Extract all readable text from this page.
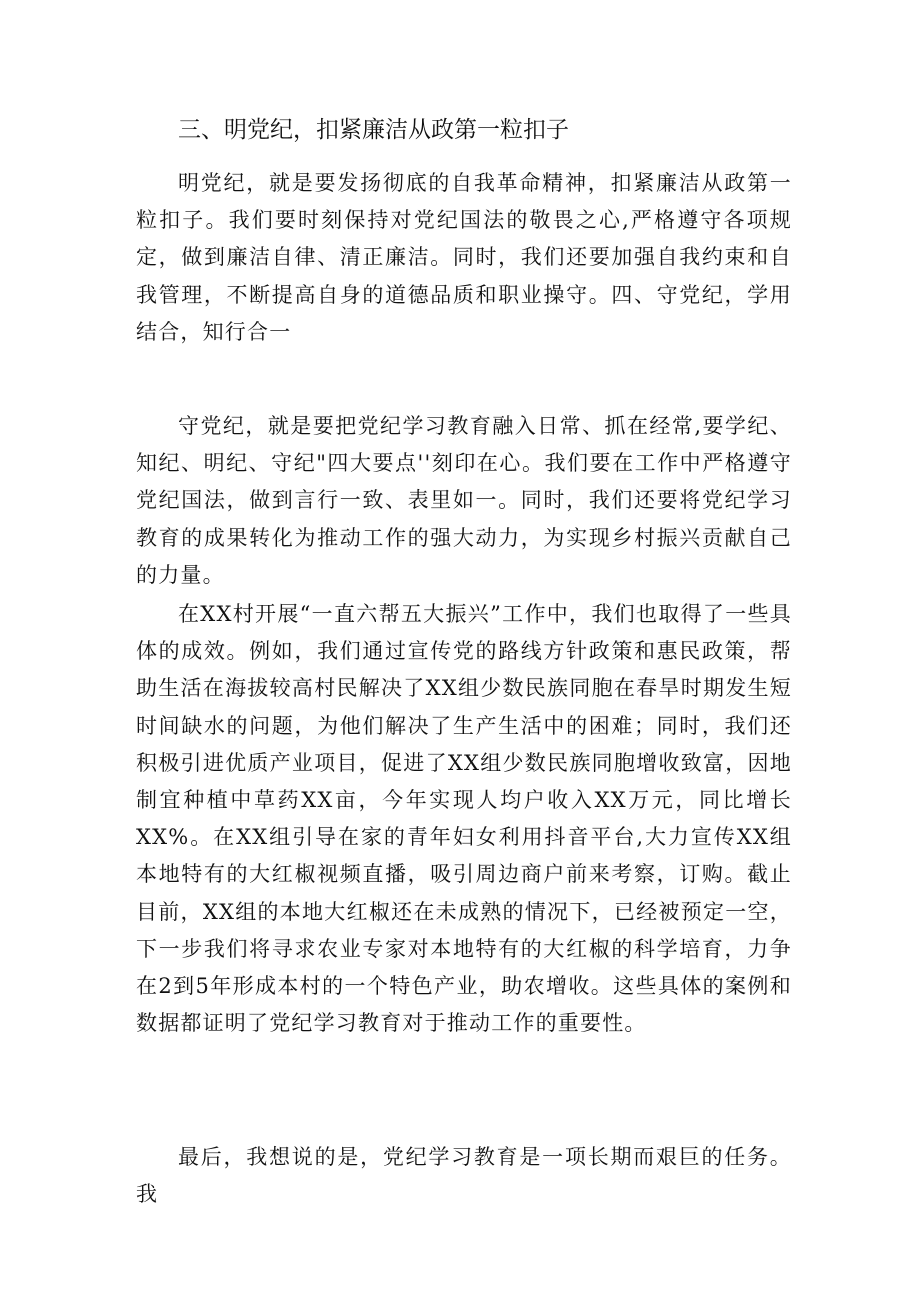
三、明党纪，扣紧廉洁从政第一粒扣子

明党纪，就是要发扬彻底的自我革命精神，扣紧廉洁从政第一粒扣子。我们要时刻保持对党纪国法的敬畏之心,严格遵守各项规定，做到廉洁自律、清正廉洁。同时，我们还要加强自我约束和自我管理，不断提高自身的道德品质和职业操守。四、守党纪，学用结合，知行合一

守党纪，就是要把党纪学习教育融入日常、抓在经常,要学纪、知纪、明纪、守纪"四大要点''刻印在心。我们要在工作中严格遵守党纪国法，做到言行一致、表里如一。同时，我们还要将党纪学习教育的成果转化为推动工作的强大动力，为实现乡村振兴贡献自己的力量。

在XX村开展“一直六帮五大振兴”工作中，我们也取得了一些具体的成效。例如，我们通过宣传党的路线方针政策和惠民政策，帮助生活在海拔较高村民解决了XX组少数民族同胞在春旱时期发生短时间缺水的问题，为他们解决了生产生活中的困难；同时，我们还积极引进优质产业项目，促进了XX组少数民族同胞增收致富，因地制宜种植中草药XX亩，今年实现人均户收入XX万元，同比增长XX%。在XX组引导在家的青年妇女利用抖音平台,大力宣传XX组本地特有的大红椒视频直播，吸引周边商户前来考察，订购。截止目前，XX组的本地大红椒还在未成熟的情况下，已经被预定一空，下一步我们将寻求农业专家对本地特有的大红椒的科学培育，力争在2到5年形成本村的一个特色产业，助农增收。这些具体的案例和数据都证明了党纪学习教育对于推动工作的重要性。

最后，我想说的是，党纪学习教育是一项长期而艰巨的任务。我
